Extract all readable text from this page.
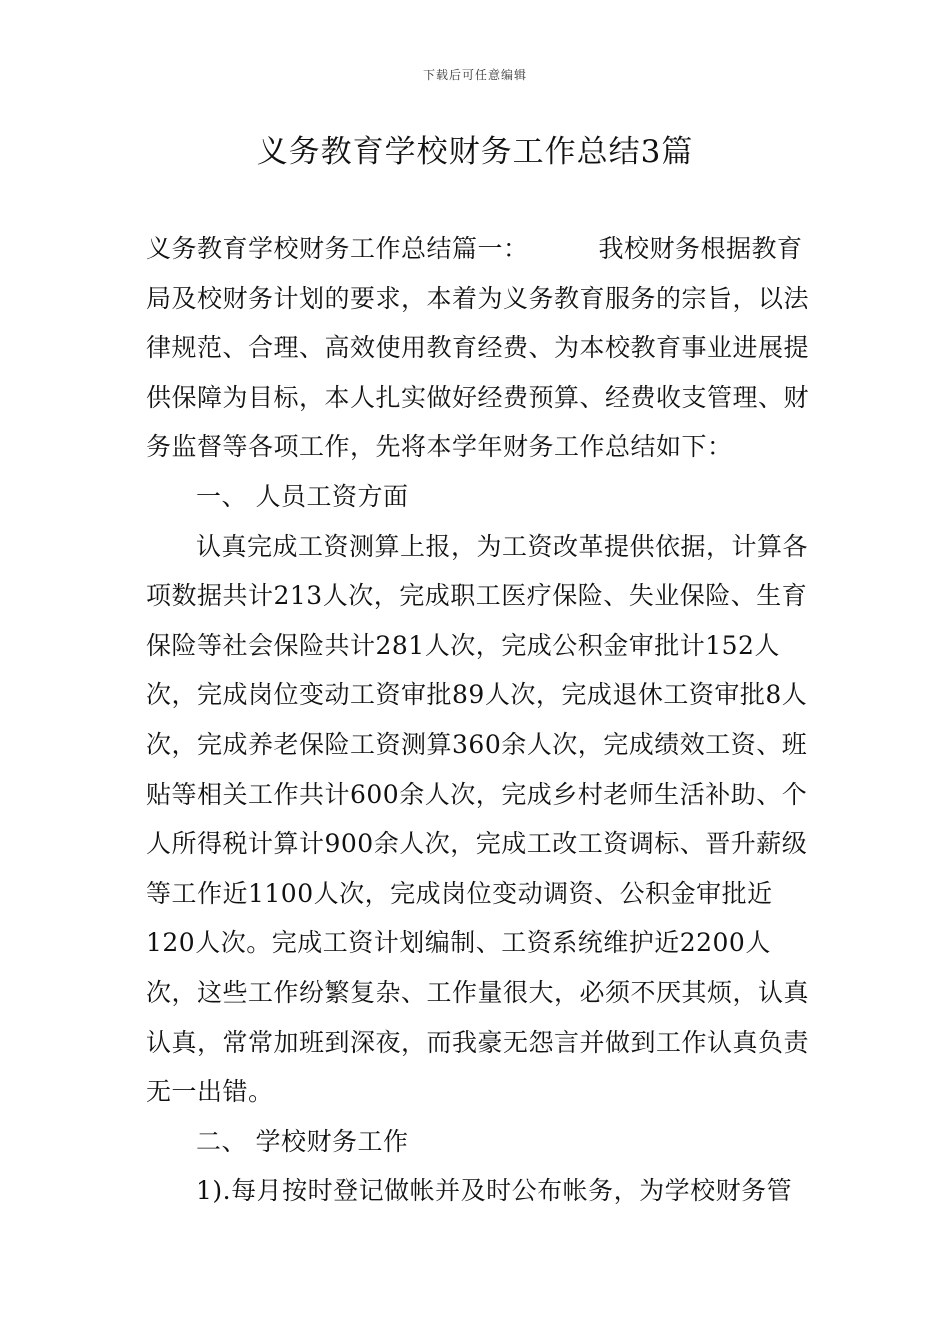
下载后可任意编辑
义务教育学校财务工作总结3篇

义务教育学校财务工作总结篇一：	我校财务根据教育局及校财务计划的要求，本着为义务教育服务的宗旨，以法律规范、合理、高效使用教育经费、为本校教育事业进展提供保障为目标，本人扎实做好经费预算、经费收支管理、财务监督等各项工作，先将本学年财务工作总结如下：

一、 人员工资方面

认真完成工资测算上报，为工资改革提供依据，计算各项数据共计213人次，完成职工医疗保险、失业保险、生育保险等社会保险共计281人次，完成公积金审批计152人次，完成岗位变动工资审批89人次，完成退休工资审批8人次，完成养老保险工资测算360余人次，完成绩效工资、班贴等相关工作共计600余人次，完成乡村老师生活补助、个人所得税计算计900余人次，完成工改工资调标、晋升薪级等工作近1100人次，完成岗位变动调资、公积金审批近120人次。完成工资计划编制、工资系统维护近2200人次，这些工作纷繁复杂、工作量很大，必须不厌其烦，认真认真，常常加班到深夜，而我豪无怨言并做到工作认真负责无一出错。

二、 学校财务工作

1).每月按时登记做帐并及时公布帐务，为学校财务管
